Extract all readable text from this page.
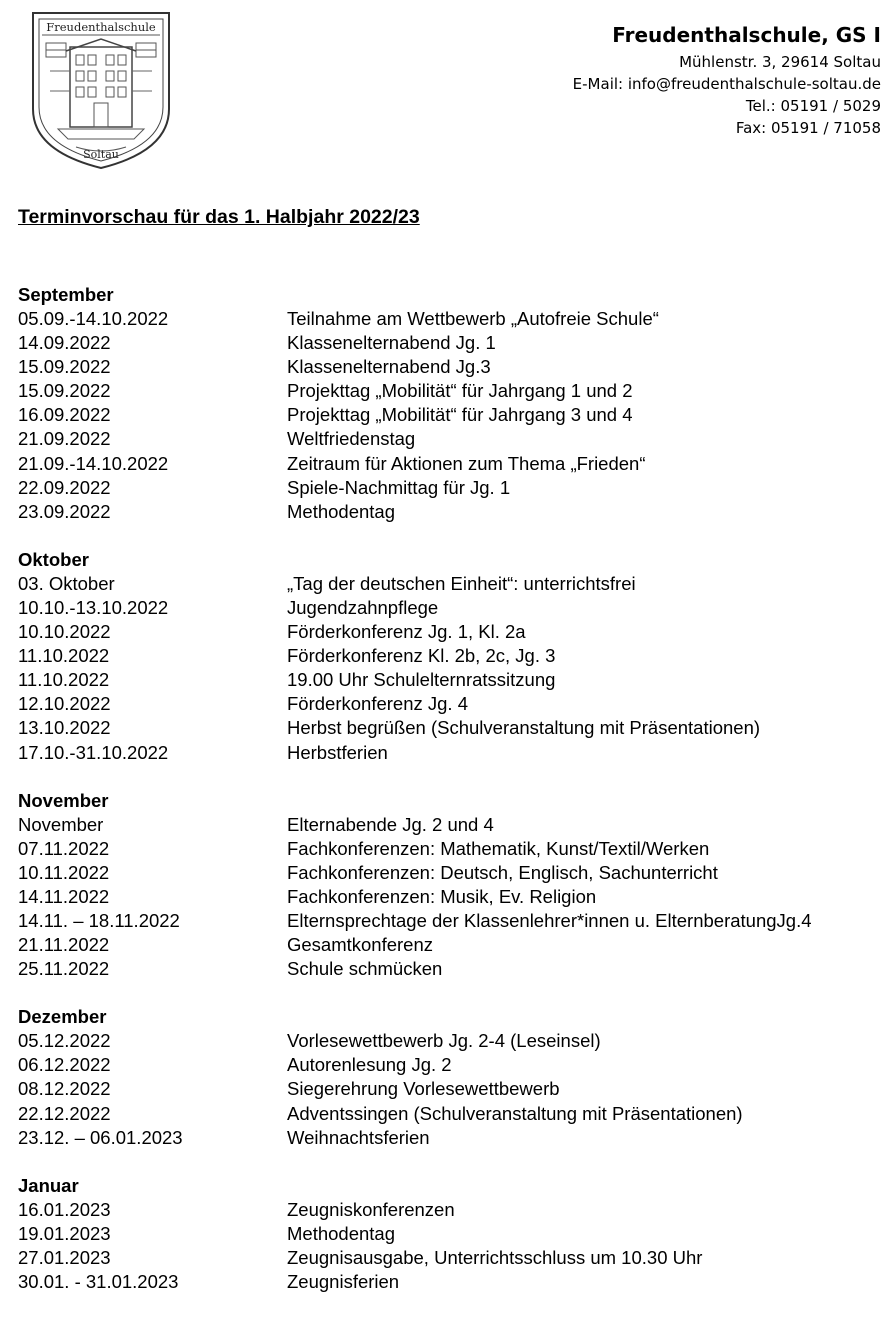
Freudenthalschule
Soltau
Freudenthalschule, GS I
Mühlenstr. 3, 29614 Soltau
E-Mail: info@freudenthalschule-soltau.de
Tel.: 05191 / 5029
Fax: 05191 / 71058
Terminvorschau für das 1. Halbjahr 2022/23
September
05.09.-14.10.2022	Teilnahme am Wettbewerb „Autofreie Schule“
14.09.2022	Klassenelternabend Jg. 1
15.09.2022	Klassenelternabend Jg.3
15.09.2022	Projekttag „Mobilität“ für Jahrgang 1 und 2
16.09.2022	Projekttag „Mobilität“ für Jahrgang 3 und 4
21.09.2022	Weltfriedenstag
21.09.-14.10.2022	Zeitraum für Aktionen zum Thema „Frieden“
22.09.2022	Spiele-Nachmittag für Jg. 1
23.09.2022	Methodentag
Oktober
03. Oktober	„Tag der deutschen Einheit“: unterrichtsfrei
10.10.-13.10.2022	Jugendzahnpflege
10.10.2022	Förderkonferenz Jg. 1, Kl. 2a
11.10.2022	Förderkonferenz Kl. 2b, 2c, Jg. 3
11.10.2022	19.00 Uhr Schulelternratssitzung
12.10.2022	Förderkonferenz Jg. 4
13.10.2022	Herbst begrüßen (Schulveranstaltung mit Präsentationen)
17.10.-31.10.2022	Herbstferien
November
November	Elternabende Jg. 2 und 4
07.11.2022	Fachkonferenzen: Mathematik, Kunst/Textil/Werken
10.11.2022	Fachkonferenzen: Deutsch, Englisch, Sachunterricht
14.11.2022	Fachkonferenzen: Musik, Ev. Religion
14.11. – 18.11.2022	Elternsprechtage der Klassenlehrer*innen u. ElternberatungJg.4
21.11.2022	Gesamtkonferenz
25.11.2022	Schule schmücken
Dezember
05.12.2022	Vorlesewettbewerb Jg. 2-4 (Leseinsel)
06.12.2022	Autorenlesung Jg. 2
08.12.2022	Siegerehrung Vorlesewettbewerb
22.12.2022	Adventssingen (Schulveranstaltung mit Präsentationen)
23.12. – 06.01.2023	Weihnachtsferien
Januar
16.01.2023	Zeugniskonferenzen
19.01.2023	Methodentag
27.01.2023	Zeugnisausgabe, Unterrichtsschluss um 10.30 Uhr
30.01. - 31.01.2023	Zeugnisferien
